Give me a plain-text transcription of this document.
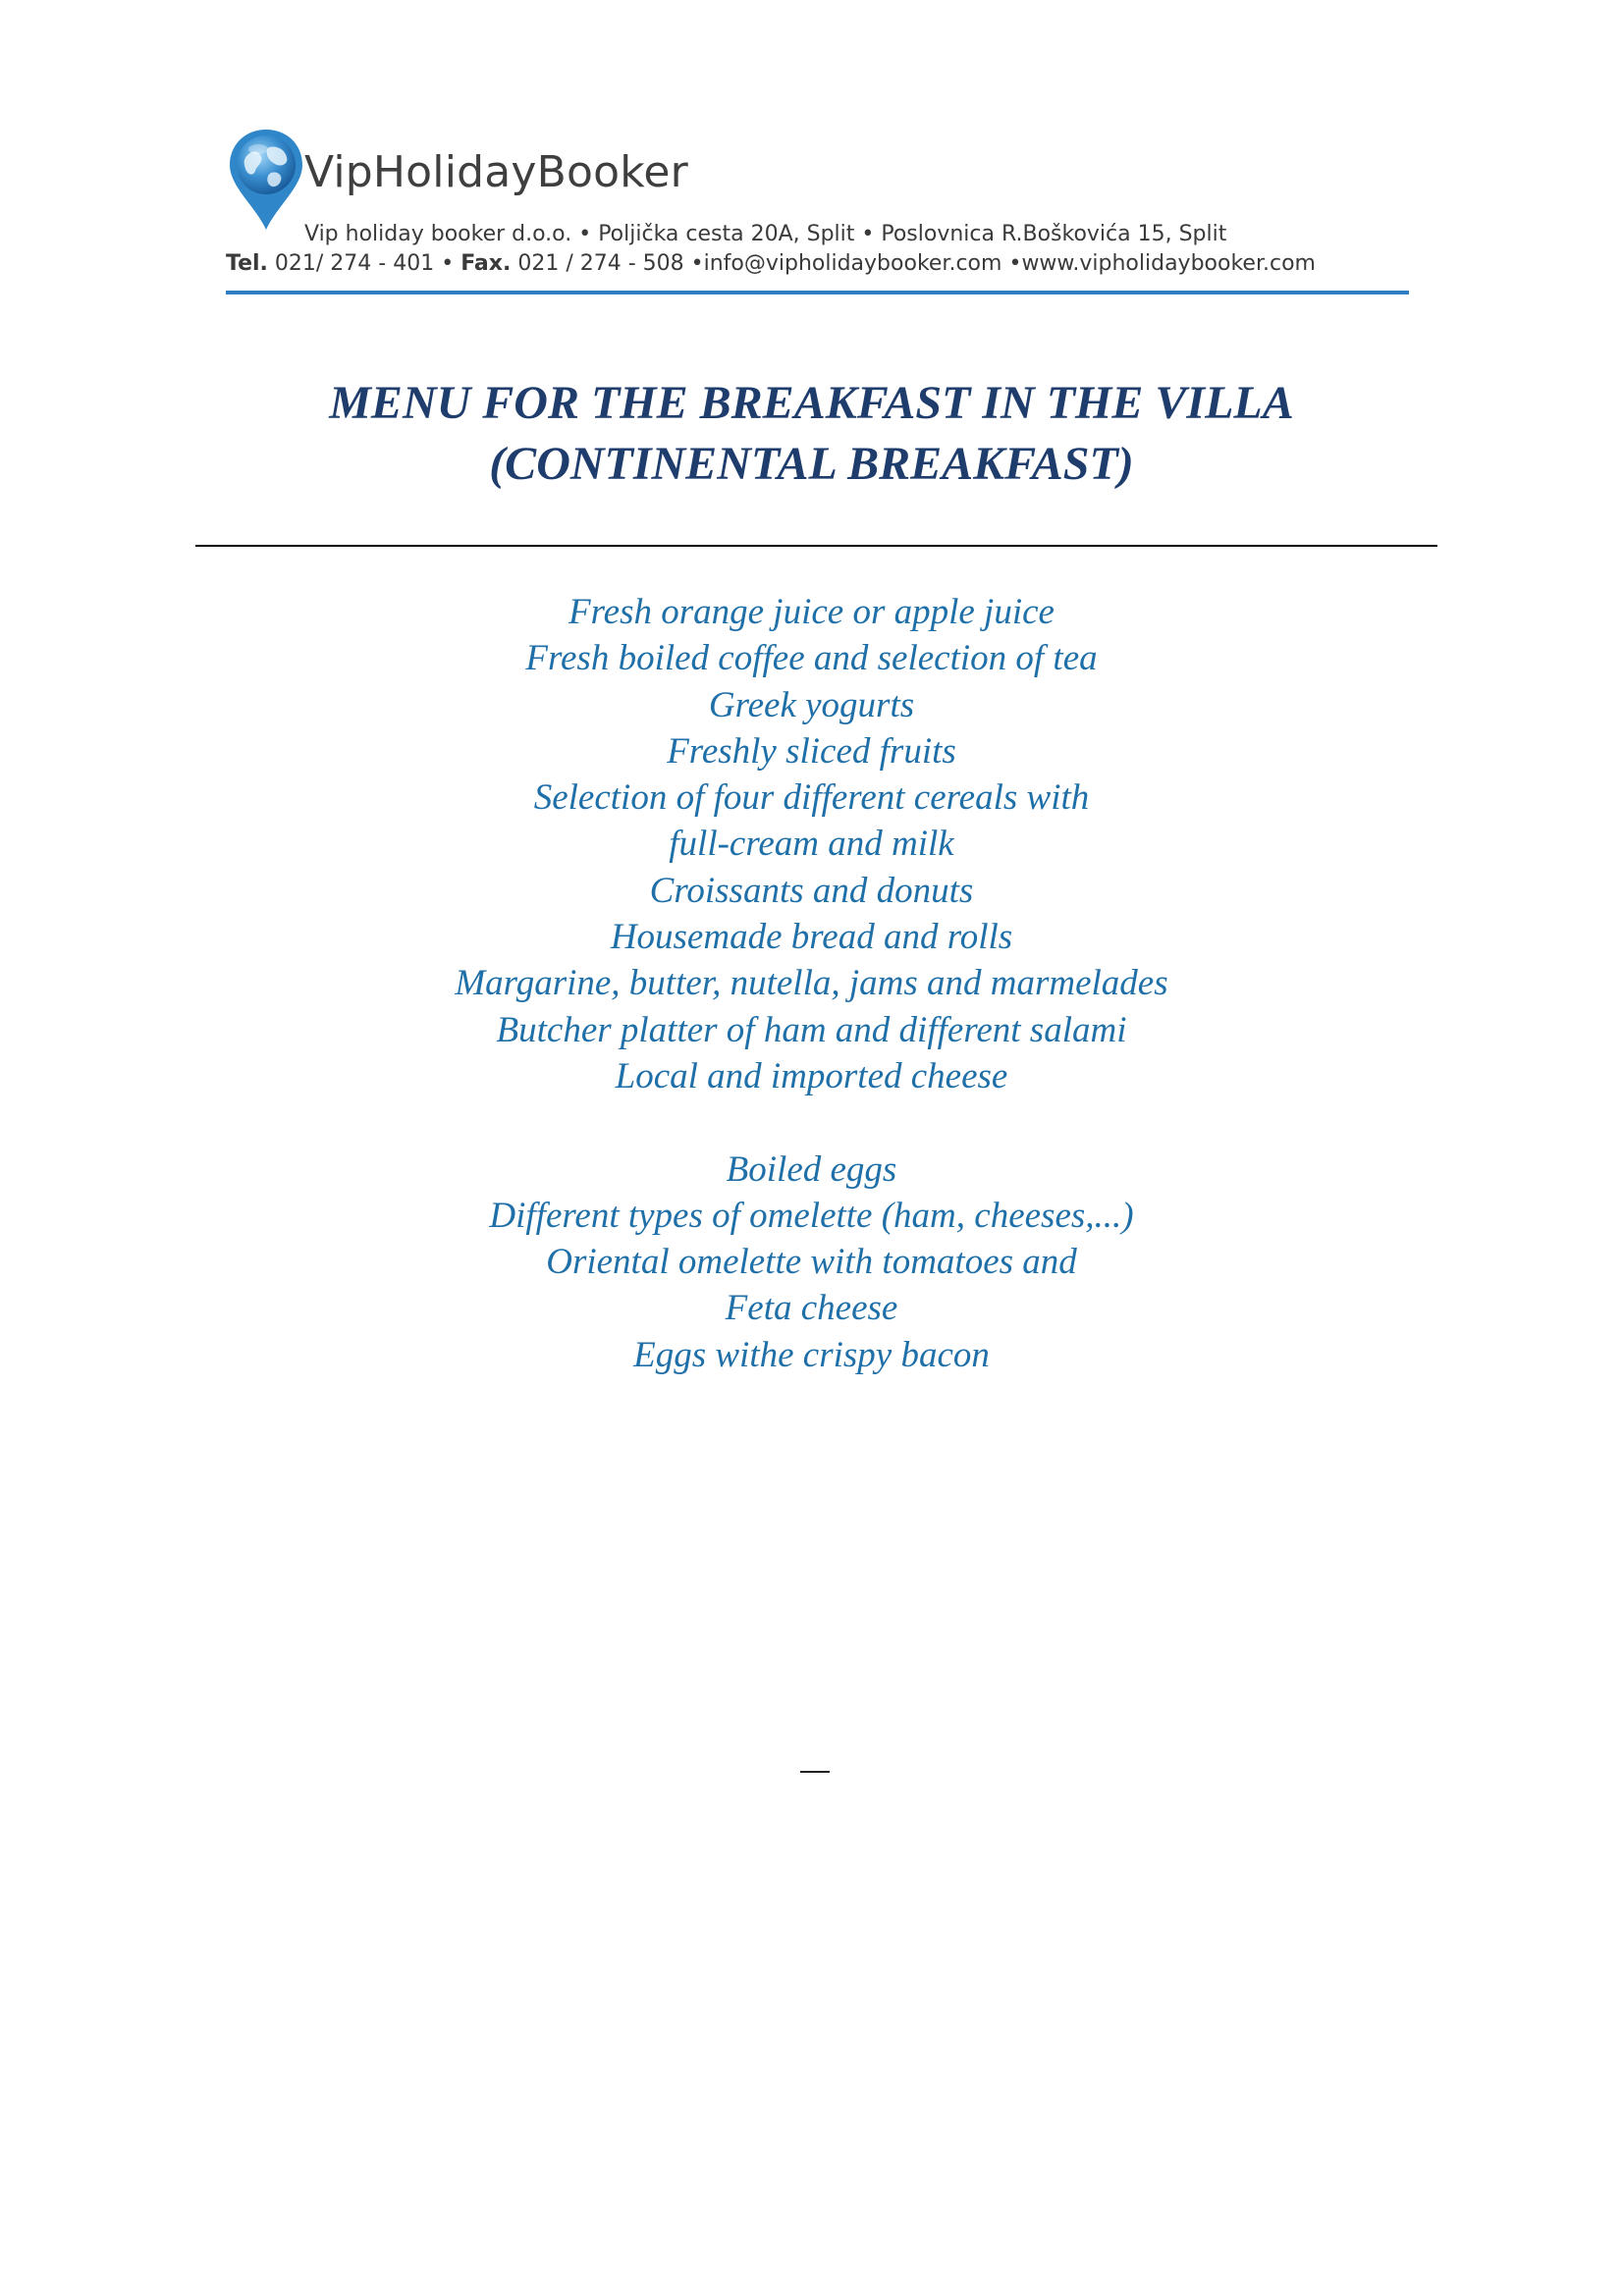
VipHolidayBooker
Vip holiday booker d.o.o. • Poljička cesta 20A, Split • Poslovnica R.Boškovića 15, Split
Tel. 021/ 274 - 401 • Fax. 021 / 274 - 508 •info@vipholidaybooker.com •www.vipholidaybooker.com
MENU FOR THE BREAKFAST IN THE VILLA
(CONTINENTAL BREAKFAST)
Fresh orange juice or apple juice
Fresh boiled coffee and selection of tea
Greek yogurts
Freshly sliced fruits
Selection of four different cereals with
full-cream and milk
Croissants and donuts
Housemade bread and rolls
Margarine, butter, nutella, jams and marmelades
Butcher platter of ham and different salami
Local and imported cheese
Boiled eggs
Different types of omelette (ham, cheeses,...)
Oriental omelette with tomatoes and
Feta cheese
Eggs withe crispy bacon
